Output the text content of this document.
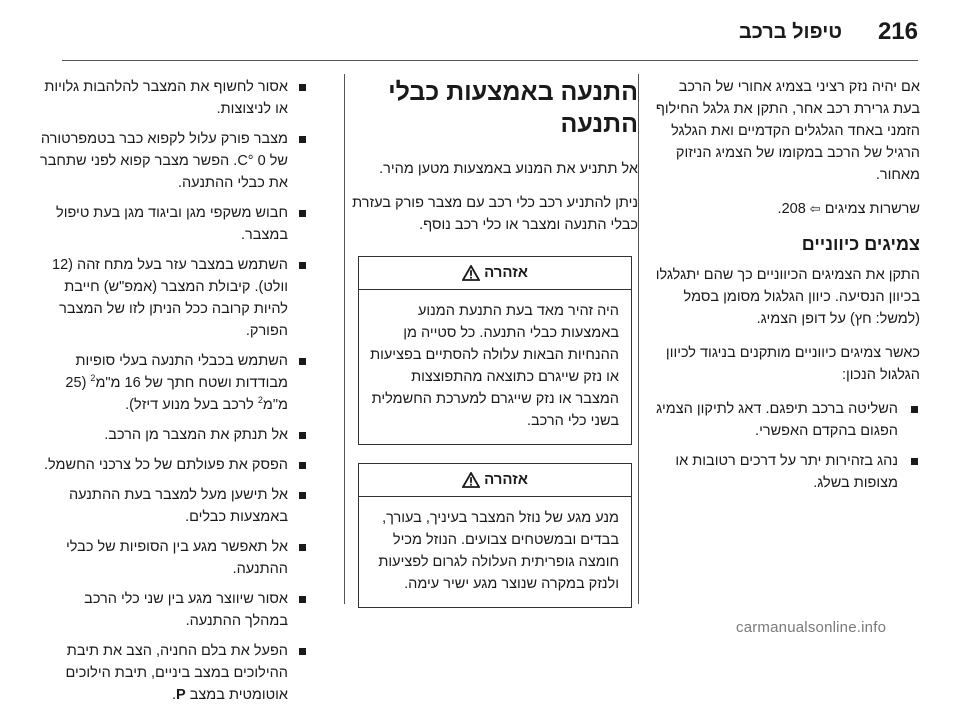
216
טיפול ברכב

אם יהיה נזק רציני בצמיג אחורי של הרכב בעת גרירת רכב אחר, התקן את גלגל החילוף הזמני באחד הגלגלים הקדמיים ואת הגלגל הרגיל של הרכב במקומו של הצמיג הניזוק מאחור.

שרשרות צמיגים ⇦ 208.

צמיגים כיווניים

התקן את הצמיגים הכיווניים כך שהם יתגלגלו בכיוון הנסיעה. כיוון הגלגול מסומן בסמל (למשל: חץ) על דופן הצמיג.

כאשר צמיגים כיווניים מותקנים בניגוד לכיוון הגלגול הנכון:

השליטה ברכב תיפגם. דאג לתיקון הצמיג הפגום בהקדם האפשרי.
נהג בזהירות יתר על דרכים רטובות או מצופות בשלג.
התנעה באמצעות כבלי התנעה

אל תתניע את המנוע באמצעות מטען מהיר.

ניתן להתניע רכב כלי רכב עם מצבר פורק בעזרת כבלי התנעה ומצבר או כלי רכב נוסף.

אזהרה
היה זהיר מאד בעת התנעת המנוע באמצעות כבלי התנעה. כל סטייה מן ההנחיות הבאות עלולה להסתיים בפציעות או נזק שייגרם כתוצאה מהתפוצצות המצבר או נזק שייגרם למערכת החשמלית בשני כלי הרכב.
אזהרה
מנע מגע של נוזל המצבר בעיניך, בעורך, בבדים ובמשטחים צבועים. הנוזל מכיל חומצה גופריתית העלולה לגרום לפציעות ולנזק במקרה שנוצר מגע ישיר עימה.
אסור לחשוף את המצבר להלהבות גלויות או לניצוצות.
מצבר פורק עלול לקפוא כבר בטמפרטורה של 0 °C. הפשר מצבר קפוא לפני שתחבר את כבלי ההתנעה.
חבוש משקפי מגן וביגוד מגן בעת טיפול במצבר.
השתמש במצבר עזר בעל מתח זהה (12 וולט). קיבולת המצבר (אמפ"ש) חייבת להיות קרובה ככל הניתן לזו של המצבר הפורק.
השתמש בכבלי התנעה בעלי סופיות מבודדות ושטח חתך של 16 מ"מ$^2$ (25 מ"מ$^2$ לרכב בעל מנוע דיזל).
אל תנתק את המצבר מן הרכב.
הפסק את פעולתם של כל צרכני החשמל.
אל תישען מעל למצבר בעת ההתנעה באמצעות כבלים.
אל תאפשר מגע בין הסופיות של כבלי ההתנעה.
אסור שיווצר מגע בין שני כלי הרכב במהלך ההתנעה.
הפעל את בלם החניה, הצב את תיבת ההילוכים במצב ביניים, תיבת הילוכים אוטומטית במצב P.
carmanualsonline.info
